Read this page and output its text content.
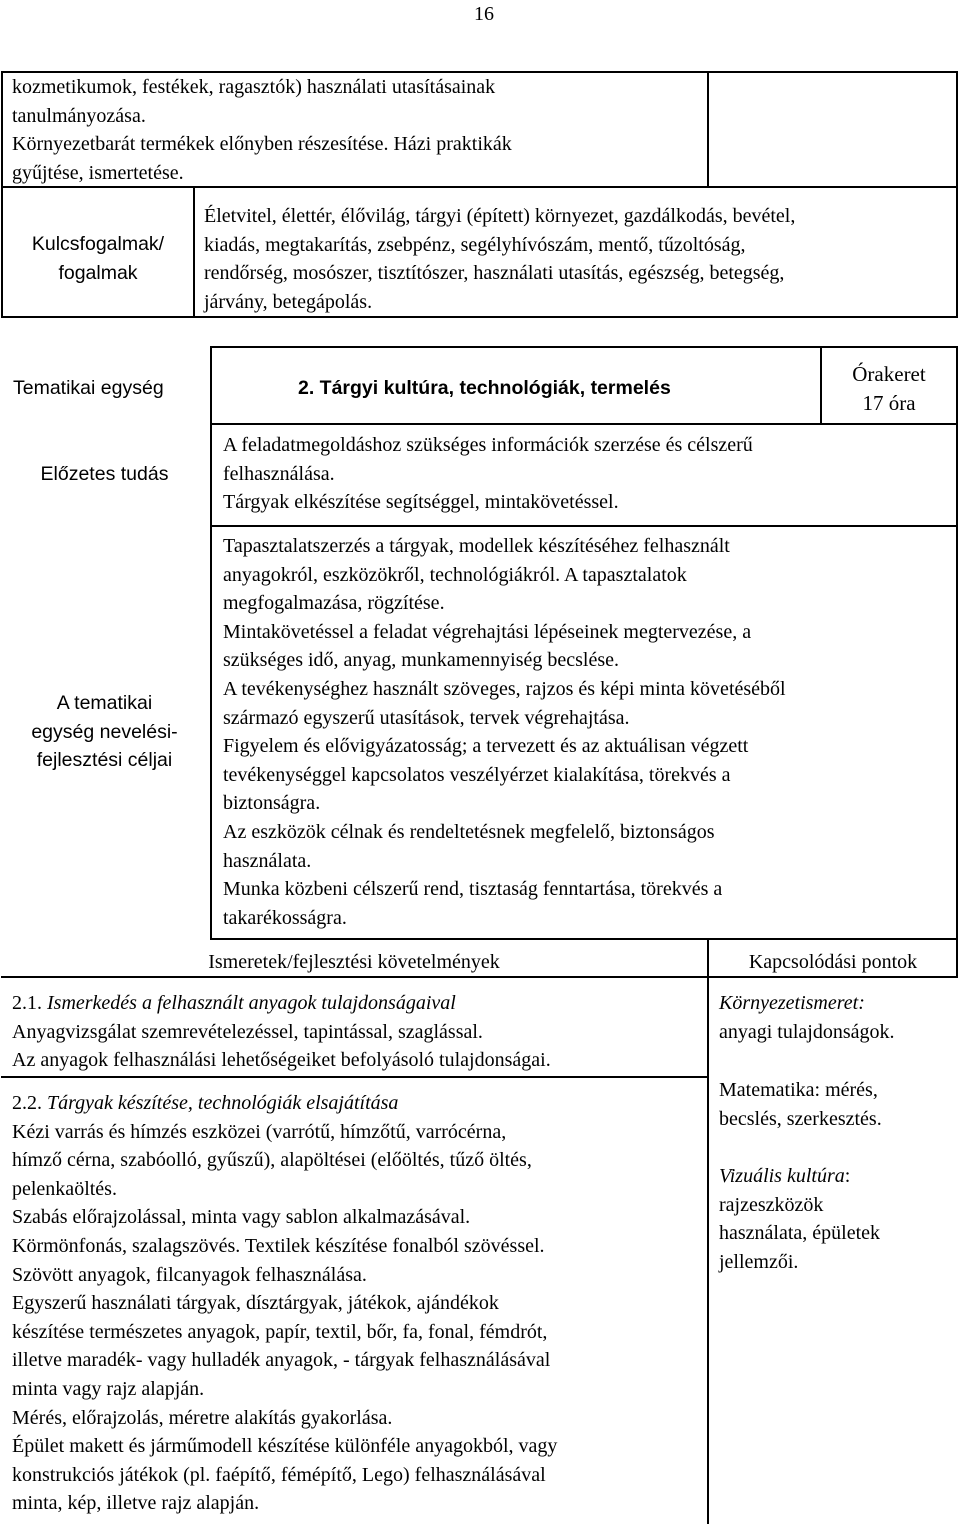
16
kozmetikumok, festékek, ragasztók) használati utasításainak
tanulmányozása.
Környezetbarát termékek előnyben részesítése. Házi praktikák
gyűjtése, ismertetése.
Kulcsfogalmak/
fogalmak
Életvitel, élettér, élővilág, tárgyi (épített) környezet, gazdálkodás, bevétel,
kiadás, megtakarítás, zsebpénz, segélyhívószám, mentő, tűzoltóság,
rendőrség, mosószer, tisztítószer, használati utasítás, egészség, betegség,
járvány, betegápolás.
Tematikai egység	2. Tárgyi kultúra, technológiák, termelés
Órakeret
17 óra
Előzetes tudás
A feladatmegoldáshoz szükséges információk szerzése és célszerű
felhasználása.
Tárgyak elkészítése segítséggel, mintakövetéssel.
A tematikai
egység nevelési-
fejlesztési céljai
Tapasztalatszerzés a tárgyak, modellek készítéséhez felhasznált
anyagokról, eszközökről, technológiákról. A tapasztalatok
megfogalmazása, rögzítése.
Mintakövetéssel a feladat végrehajtási lépéseinek megtervezése, a
szükséges idő, anyag, munkamennyiség becslése.
A tevékenységhez használt szöveges, rajzos és képi minta követéséből
származó egyszerű utasítások, tervek végrehajtása.
Figyelem és elővigyázatosság; a tervezett és az aktuálisan végzett
tevékenységgel kapcsolatos veszélyérzet kialakítása, törekvés a
biztonságra.
Az eszközök célnak és rendeltetésnek megfelelő, biztonságos
használata.
Munka közbeni célszerű rend, tisztaság fenntartása, törekvés a
takarékosságra.
Ismeretek/fejlesztési követelmények	Kapcsolódási pontok
2.1. Ismerkedés a felhasznált anyagok tulajdonságaival
Anyagvizsgálat szemrevételezéssel, tapintással, szaglással.
Az anyagok felhasználási lehetőségeiket befolyásoló tulajdonságai.
2.2. Tárgyak készítése, technológiák elsajátítása
Kézi varrás és hímzés eszközei (varrótű, hímzőtű, varrócérna,
hímző cérna, szabóolló, gyűszű), alapöltései (előöltés, tűző öltés,
pelenkaöltés.
Szabás előrajzolással, minta vagy sablon alkalmazásával.
Körmönfonás, szalagszövés. Textilek készítése fonalból szövéssel.
Szövött anyagok, filcanyagok felhasználása.
Egyszerű használati tárgyak, dísztárgyak, játékok, ajándékok
készítése természetes anyagok, papír, textil, bőr, fa, fonal, fémdrót,
illetve maradék- vagy hulladék anyagok, - tárgyak felhasználásával
minta vagy rajz alapján.
Mérés, előrajzolás, méretre alakítás gyakorlása.
Épület makett és járműmodell készítése különféle anyagokból, vagy
konstrukciós játékok (pl. faépítő, fémépítő, Lego) felhasználásával
minta, kép, illetve rajz alapján.
Környezetismeret:
anyagi tulajdonságok.
Matematika: mérés,
becslés, szerkesztés.
Vizuális kultúra:
rajzeszközök
használata, épületek
jellemzői.
